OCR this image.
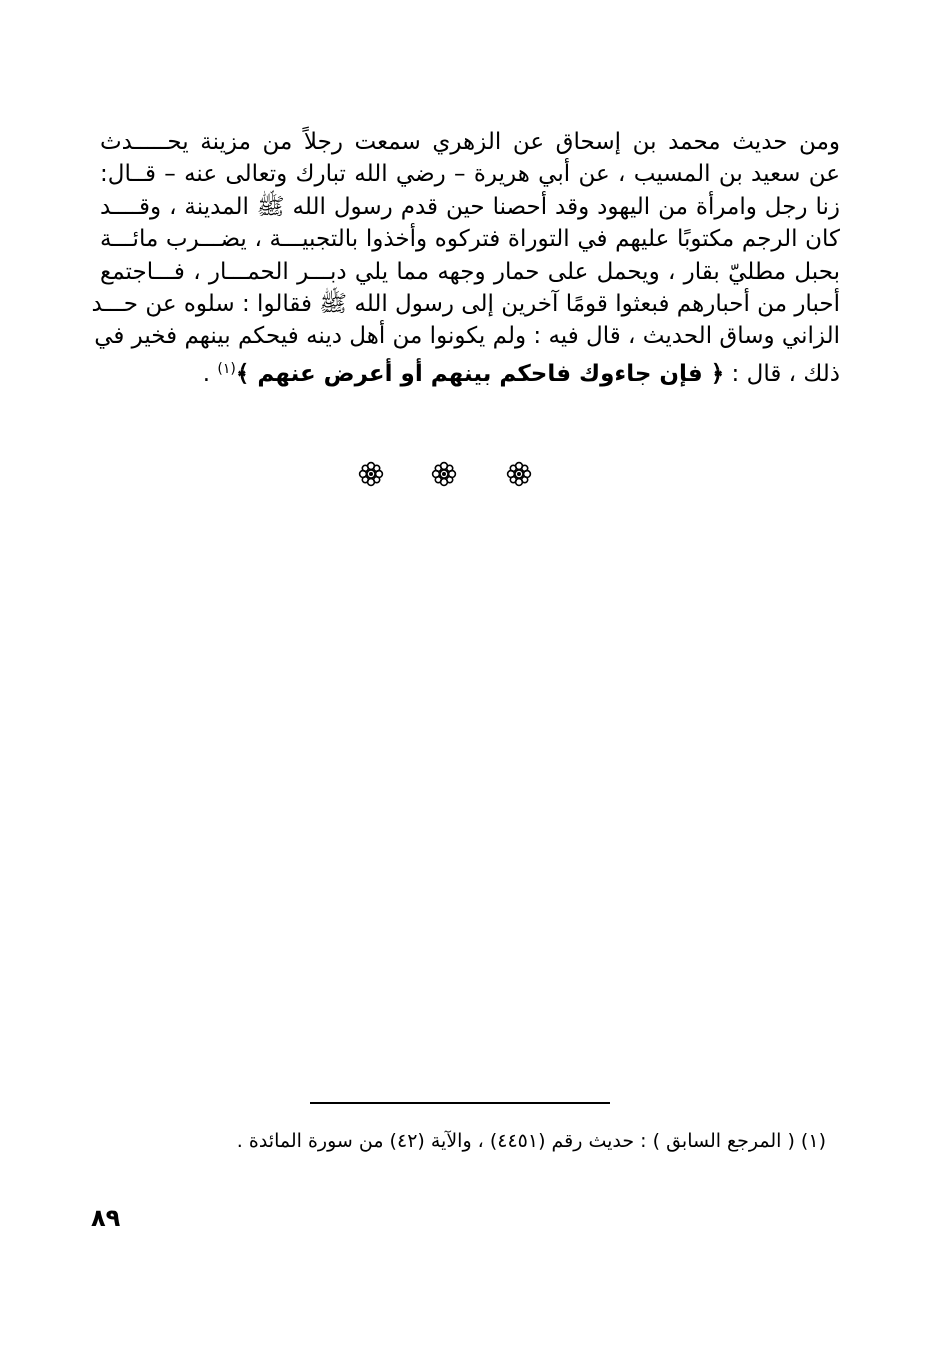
ومن حديث محمد بن إسحاق عن الزهري سمعت رجلاً من مزينة يحـــــدث
عن سعيد بن المسيب ، عن أبي هريرة – رضي الله تبارك وتعالى عنه – قــال:
زنا رجل وامرأة من اليهود وقد أحصنا حين قدم رسول الله ﷺ المدينة ، وقــــد
كان الرجم مكتوبًا عليهم في التوراة فتركوه وأخذوا بالتجبيـــة ، يضـــرب مائـــة
بحبل مطليّ بقار ، ويحمل على حمار وجهه مما يلي دبـــر الحمـــار ، فـــاجتمع
أحبار من أحبارهم فبعثوا قومًا آخرين إلى رسول الله ﷺ فقالوا : سلوه عن حـــد
الزاني وساق الحديث ، قال فيه : ولم يكونوا من أهل دينه فيحكم بينهم فخير في
ذلك ، قال : ﴿ فإن جاءوك فاحكم بينهم أو أعرض عنهم ﴾$^{(١)}$ .
(١) ( المرجع السابق ) : حديث رقم (٤٤٥١) ، والآية (٤٢) من سورة المائدة .
٨٩
